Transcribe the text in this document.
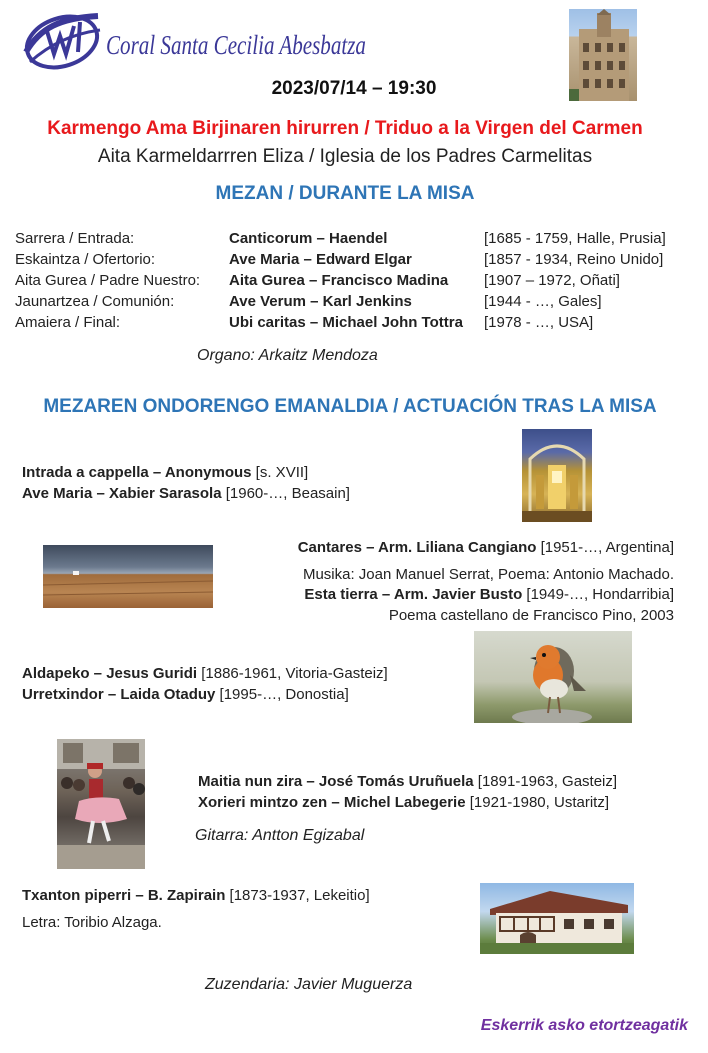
Coral Santa Cecilia Abesbatza
2023/07/14 – 19:30
Karmengo Ama Birjinaren hirurren / Triduo a la Virgen del Carmen
Aita Karmeldarrren Eliza / Iglesia de los Padres Carmelitas
MEZAN / DURANTE LA MISA
Sarrera / Entrada:	Canticorum – Haendel	[1685 - 1759, Halle, Prusia]
Eskaintza / Ofertorio:	Ave Maria – Edward Elgar	[1857 - 1934, Reino Unido]
Aita Gurea / Padre Nuestro: Aita Gurea – Francisco Madina [1907 – 1972, Oñati]
Jaunartzea / Comunión:	Ave Verum – Karl Jenkins	[1944 - …, Gales]
Amaiera / Final:	Ubi caritas – Michael John Tottra [1978 - …, USA]
Organo: Arkaitz Mendoza
MEZAREN ONDORENGO EMANALDIA / ACTUACIÓN TRAS LA MISA
Intrada a cappella – Anonymous [s. XVII]
Ave Maria – Xabier Sarasola [1960-…, Beasain]
Cantares – Arm. Liliana Cangiano [1951-…, Argentina]
Musika: Joan Manuel Serrat, Poema: Antonio Machado.
Esta tierra – Arm. Javier Busto [1949-…, Hondarribia]
Poema castellano de Francisco Pino, 2003
Aldapeko – Jesus Guridi [1886-1961, Vitoria-Gasteiz]
Urretxindor – Laida Otaduy [1995-…, Donostia]
Maitia nun zira – José Tomás Uruñuela [1891-1963, Gasteiz]
Xorieri mintzo zen – Michel Labegerie [1921-1980, Ustaritz]
Gitarra: Antton Egizabal
Txanton piperri – B. Zapirain [1873-1937, Lekeitio]
Letra: Toribio Alzaga.
Zuzendaria: Javier Muguerza
Eskerrik asko etortzeagatik
